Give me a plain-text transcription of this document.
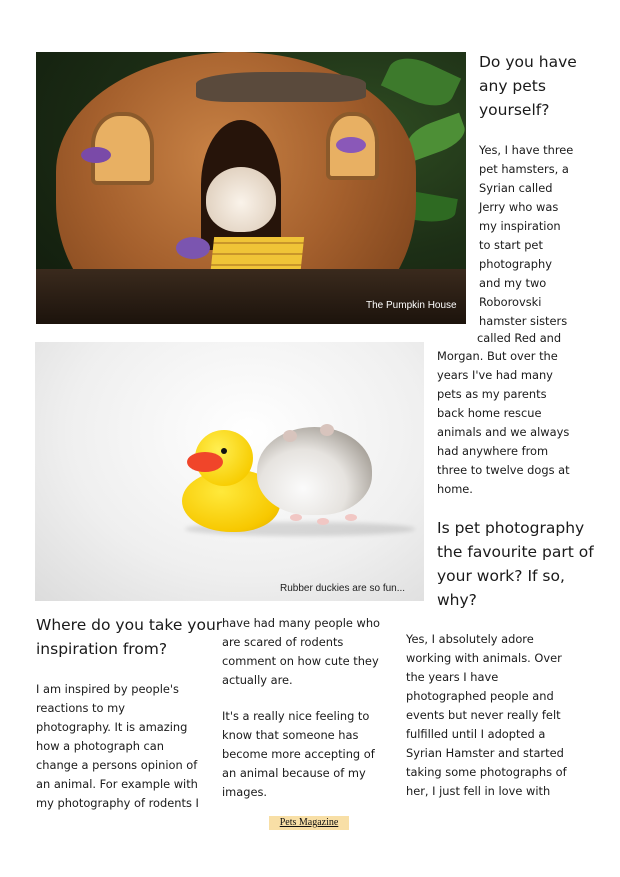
The Pumpkin House
Do you have
any pets
yourself?

Yes, I have three
pet hamsters, a
Syrian called
Jerry who was
my inspiration
to start pet
photography
and my two
Roborovski
hamster sisters

called Red and

Morgan. But over the
years I've had many
pets as my parents
back home rescue
animals and we always
had anywhere from
three to twelve dogs at
home.

Rubber duckies are so fun...
Is pet photography
the favourite part of
your work? If so,
why?
Where do you take your
inspiration from?

I am inspired by people's
reactions to my
photography. It is amazing
how a photograph can
change a persons opinion of
an animal. For example with
my photography of rodents I

have had many people who
are scared of rodents
comment on how cute they
actually are.

It's a really nice feeling to
know that someone has
become more accepting of
an animal because of my
images.

Yes, I absolutely adore
working with animals. Over
the years I have
photographed people and
events but never really felt
fulfilled until I adopted a
Syrian Hamster and started
taking some photographs of
her, I just fell in love with

Pets Magazine
